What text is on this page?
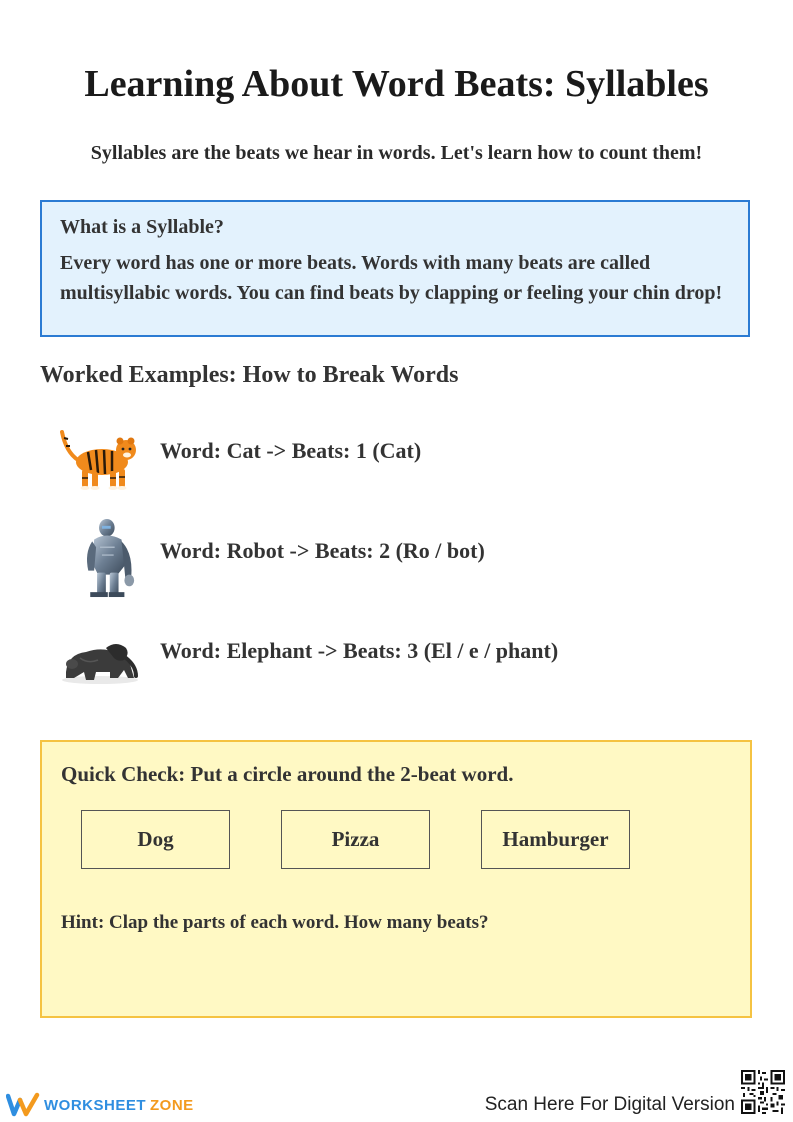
Learning About Word Beats: Syllables
Syllables are the beats we hear in words. Let's learn how to count them!
What is a Syllable?
Every word has one or more beats. Words with many beats are called multisyllabic words. You can find beats by clapping or feeling your chin drop!
Worked Examples: How to Break Words
Word: Cat -> Beats: 1 (Cat)
Word: Robot -> Beats: 2 (Ro / bot)
Word: Elephant -> Beats: 3 (El / e / phant)
Quick Check: Put a circle around the 2-beat word.
Dog	Pizza	Hamburger
Hint: Clap the parts of each word. How many beats?
WORKSHEET ZONE	Scan Here For Digital Version
